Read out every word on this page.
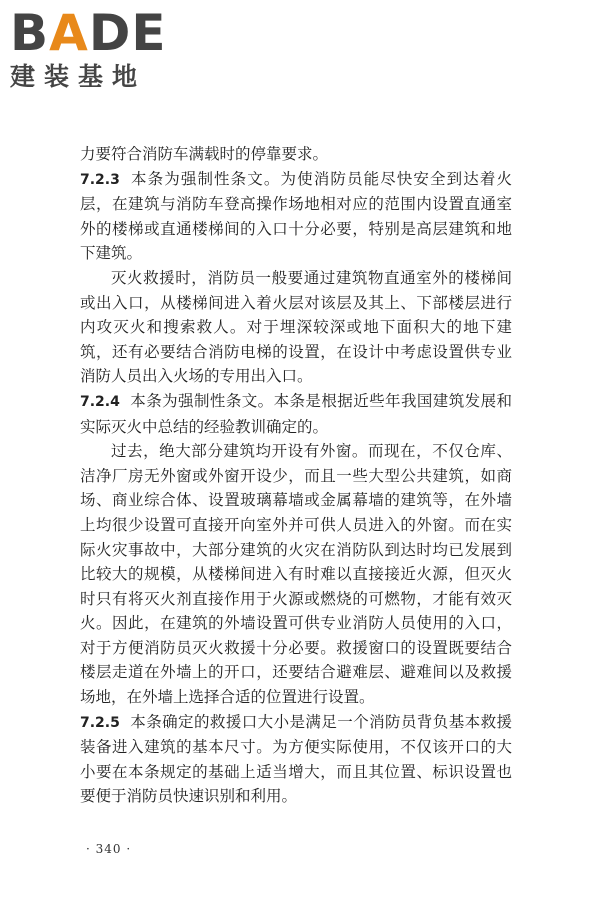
BADE
建装基地

力要符合消防车满载时的停靠要求。

7.2.3 本条为强制性条文。为使消防员能尽快安全到达着火层，在建筑与消防车登高操作场地相对应的范围内设置直通室外的楼梯或直通楼梯间的入口十分必要，特别是高层建筑和地下建筑。

灭火救援时，消防员一般要通过建筑物直通室外的楼梯间或出入口，从楼梯间进入着火层对该层及其上、下部楼层进行内攻灭火和搜索救人。对于埋深较深或地下面积大的地下建筑，还有必要结合消防电梯的设置，在设计中考虑设置供专业消防人员出入火场的专用出入口。

7.2.4 本条为强制性条文。本条是根据近些年我国建筑发展和实际灭火中总结的经验教训确定的。

过去，绝大部分建筑均开设有外窗。而现在，不仅仓库、洁净厂房无外窗或外窗开设少，而且一些大型公共建筑，如商场、商业综合体、设置玻璃幕墙或金属幕墙的建筑等，在外墙上均很少设置可直接开向室外并可供人员进入的外窗。而在实际火灾事故中，大部分建筑的火灾在消防队到达时均已发展到比较大的规模，从楼梯间进入有时难以直接接近火源，但灭火时只有将灭火剂直接作用于火源或燃烧的可燃物，才能有效灭火。因此，在建筑的外墙设置可供专业消防人员使用的入口，对于方便消防员灭火救援十分必要。救援窗口的设置既要结合楼层走道在外墙上的开口，还要结合避难层、避难间以及救援场地，在外墙上选择合适的位置进行设置。

7.2.5 本条确定的救援口大小是满足一个消防员背负基本救援装备进入建筑的基本尺寸。为方便实际使用，不仅该开口的大小要在本条规定的基础上适当增大，而且其位置、标识设置也要便于消防员快速识别和利用。

· 340 ·
